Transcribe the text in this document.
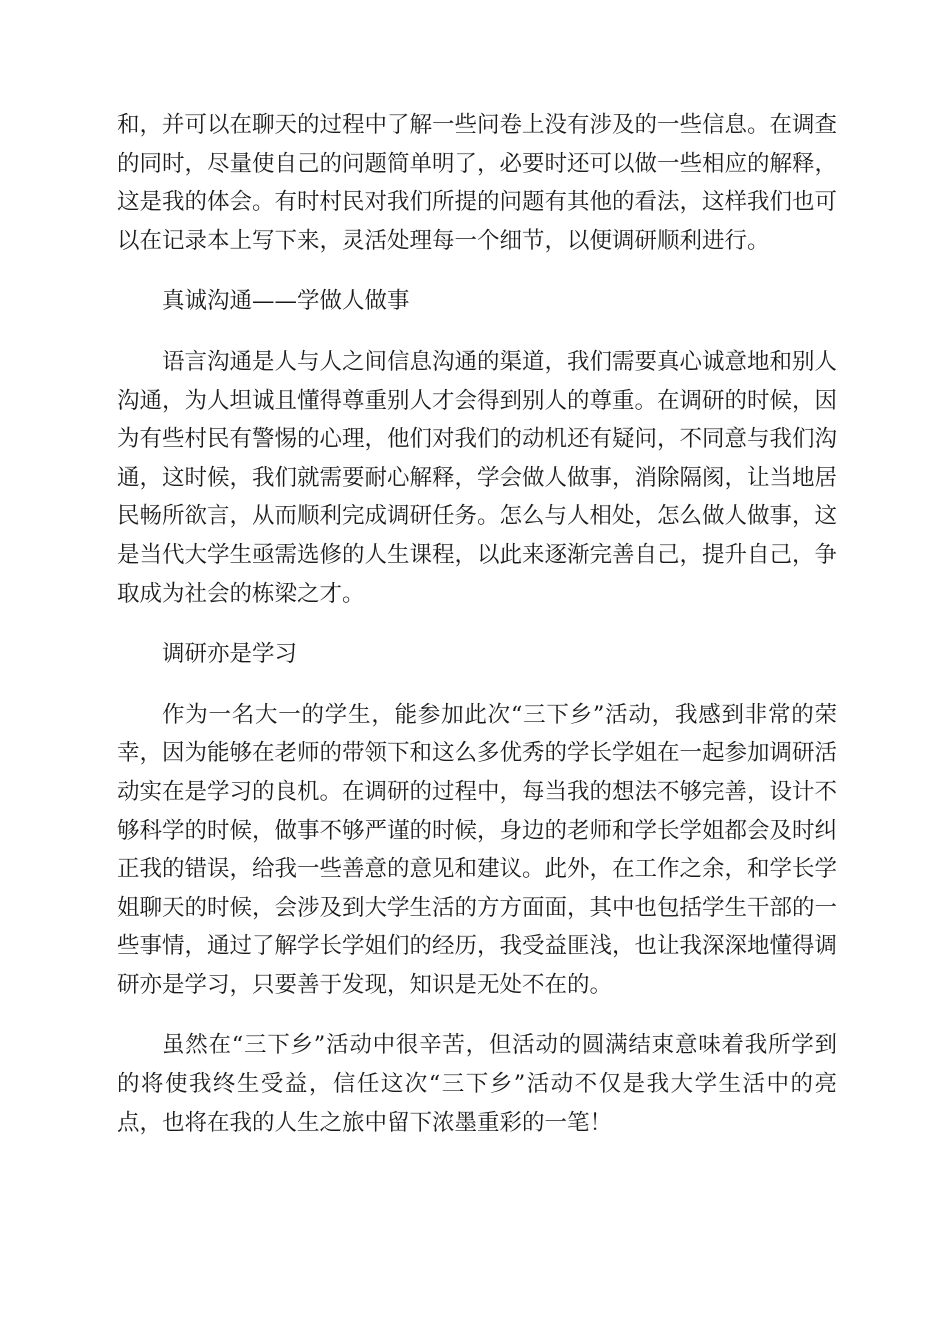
和，并可以在聊天的过程中了解一些问卷上没有涉及的一些信息。在调查的同时，尽量使自己的问题简单明了，必要时还可以做一些相应的解释，这是我的体会。有时村民对我们所提的问题有其他的看法，这样我们也可以在记录本上写下来，灵活处理每一个细节，以便调研顺利进行。

真诚沟通——学做人做事

语言沟通是人与人之间信息沟通的渠道，我们需要真心诚意地和别人沟通，为人坦诚且懂得尊重别人才会得到别人的尊重。在调研的时候，因为有些村民有警惕的心理，他们对我们的动机还有疑问，不同意与我们沟通，这时候，我们就需要耐心解释，学会做人做事，消除隔阂，让当地居民畅所欲言，从而顺利完成调研任务。怎么与人相处，怎么做人做事，这是当代大学生亟需选修的人生课程，以此来逐渐完善自己，提升自己，争取成为社会的栋梁之才。

调研亦是学习

作为一名大一的学生，能参加此次“三下乡”活动，我感到非常的荣幸，因为能够在老师的带领下和这么多优秀的学长学姐在一起参加调研活动实在是学习的良机。在调研的过程中，每当我的想法不够完善，设计不够科学的时候，做事不够严谨的时候，身边的老师和学长学姐都会及时纠正我的错误，给我一些善意的意见和建议。此外，在工作之余，和学长学姐聊天的时候，会涉及到大学生活的方方面面，其中也包括学生干部的一些事情，通过了解学长学姐们的经历，我受益匪浅，也让我深深地懂得调研亦是学习，只要善于发现，知识是无处不在的。

虽然在“三下乡”活动中很辛苦，但活动的圆满结束意味着我所学到的将使我终生受益，信任这次“三下乡”活动不仅是我大学生活中的亮点，也将在我的人生之旅中留下浓墨重彩的一笔！
